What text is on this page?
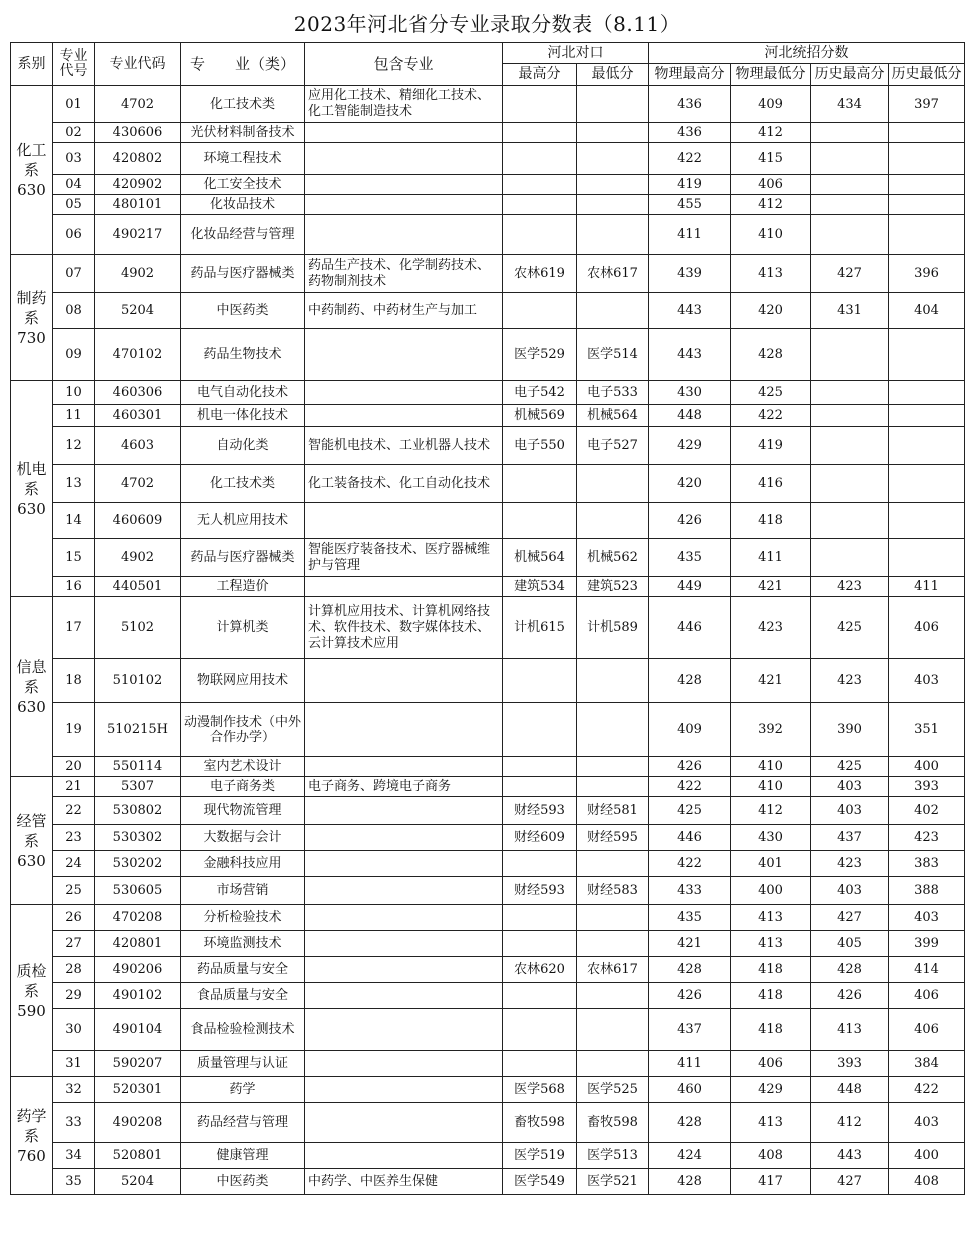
2023年河北省分专业录取分数表（8.11）
系别	专业代号	专业代码	专　　业（类）	包含专业	河北对口		河北统招分数			
					最高分	最低分	物理最高分	物理最低分	历史最高分	历史最低分
化工系630	01	4702	化工技术类	应用化工技术、精细化工技术、化工智能制造技术			436	409	434	397
	02	430606	光伏材料制备技术				436	412		
	03	420802	环境工程技术				422	415		
	04	420902	化工安全技术				419	406		
	05	480101	化妆品技术				455	412		
	06	490217	化妆品经营与管理				411	410		
制药系730	07	4902	药品与医疗器械类	药品生产技术、化学制药技术、药物制剂技术	农林619	农林617	439	413	427	396
	08	5204	中医药类	中药制药、中药材生产与加工			443	420	431	404
	09	470102	药品生物技术		医学529	医学514	443	428		
机电系630	10	460306	电气自动化技术		电子542	电子533	430	425		
	11	460301	机电一体化技术		机械569	机械564	448	422		
	12	4603	自动化类	智能机电技术、工业机器人技术	电子550	电子527	429	419		
	13	4702	化工技术类	化工装备技术、化工自动化技术			420	416		
	14	460609	无人机应用技术				426	418		
	15	4902	药品与医疗器械类	智能医疗装备技术、医疗器械维护与管理	机械564	机械562	435	411		
	16	440501	工程造价		建筑534	建筑523	449	421	423	411
信息系630	17	5102	计算机类	计算机应用技术、计算机网络技术、软件技术、数字媒体技术、云计算技术应用	计机615	计机589	446	423	425	406
	18	510102	物联网应用技术				428	421	423	403
	19	510215H	动漫制作技术（中外合作办学）				409	392	390	351
	20	550114	室内艺术设计				426	410	425	400
经管系630	21	5307	电子商务类	电子商务、跨境电子商务			422	410	403	393
	22	530802	现代物流管理		财经593	财经581	425	412	403	402
	23	530302	大数据与会计		财经609	财经595	446	430	437	423
	24	530202	金融科技应用				422	401	423	383
	25	530605	市场营销		财经593	财经583	433	400	403	388
质检系590	26	470208	分析检验技术				435	413	427	403
	27	420801	环境监测技术				421	413	405	399
	28	490206	药品质量与安全		农林620	农林617	428	418	428	414
	29	490102	食品质量与安全				426	418	426	406
	30	490104	食品检验检测技术				437	418	413	406
	31	590207	质量管理与认证				411	406	393	384
药学系760	32	520301	药学		医学568	医学525	460	429	448	422
	33	490208	药品经营与管理		畜牧598	畜牧598	428	413	412	403
	34	520801	健康管理		医学519	医学513	424	408	443	400
	35	5204	中医药类	中药学、中医养生保健	医学549	医学521	428	417	427	408
